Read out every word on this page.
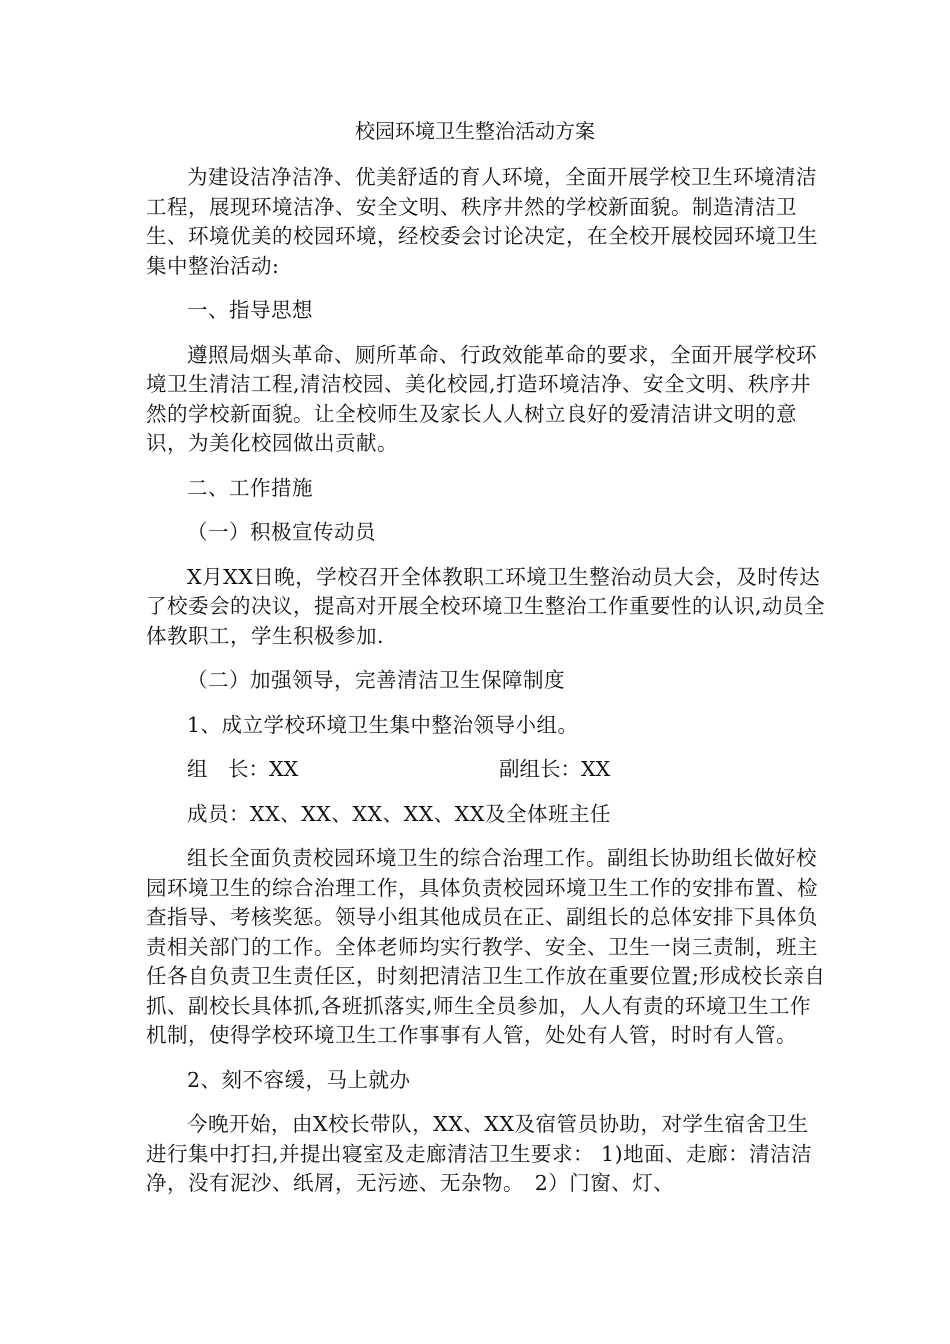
校园环境卫生整治活动方案

为建设洁净洁净、优美舒适的育人环境，全面开展学校卫生环境清洁工程，展现环境洁净、安全文明、秩序井然的学校新面貌。制造清洁卫生、环境优美的校园环境，经校委会讨论决定，在全校开展校园环境卫生集中整治活动:

一、指导思想

遵照局烟头革命、厕所革命、行政效能革命的要求，全面开展学校环境卫生清洁工程,清洁校园、美化校园,打造环境洁净、安全文明、秩序井然的学校新面貌。让全校师生及家长人人树立良好的爱清洁讲文明的意识，为美化校园做出贡献。

二、工作措施

（一）积极宣传动员

X月XX日晚，学校召开全体教职工环境卫生整治动员大会，及时传达了校委会的决议，提高对开展全校环境卫生整治工作重要性的认识,动员全体教职工，学生积极参加.

（二）加强领导，完善清洁卫生保障制度

1、成立学校环境卫生集中整治领导小组。

组　长：XX	副组长：XX

成员：XX、XX、XX、XX、XX及全体班主任

组长全面负责校园环境卫生的综合治理工作。副组长协助组长做好校园环境卫生的综合治理工作，具体负责校园环境卫生工作的安排布置、检查指导、考核奖惩。领导小组其他成员在正、副组长的总体安排下具体负责相关部门的工作。全体老师均实行教学、安全、卫生一岗三责制，班主任各自负责卫生责任区，时刻把清洁卫生工作放在重要位置;形成校长亲自抓、副校长具体抓,各班抓落实,师生全员参加，人人有责的环境卫生工作机制，使得学校环境卫生工作事事有人管，处处有人管，时时有人管。

2、刻不容缓，马上就办

今晚开始，由X校长带队，XX、XX及宿管员协助，对学生宿舍卫生进行集中打扫,并提出寝室及走廊清洁卫生要求： 1)地面、走廊：清洁洁净，没有泥沙、纸屑，无污迹、无杂物。　2）门窗、灯、
